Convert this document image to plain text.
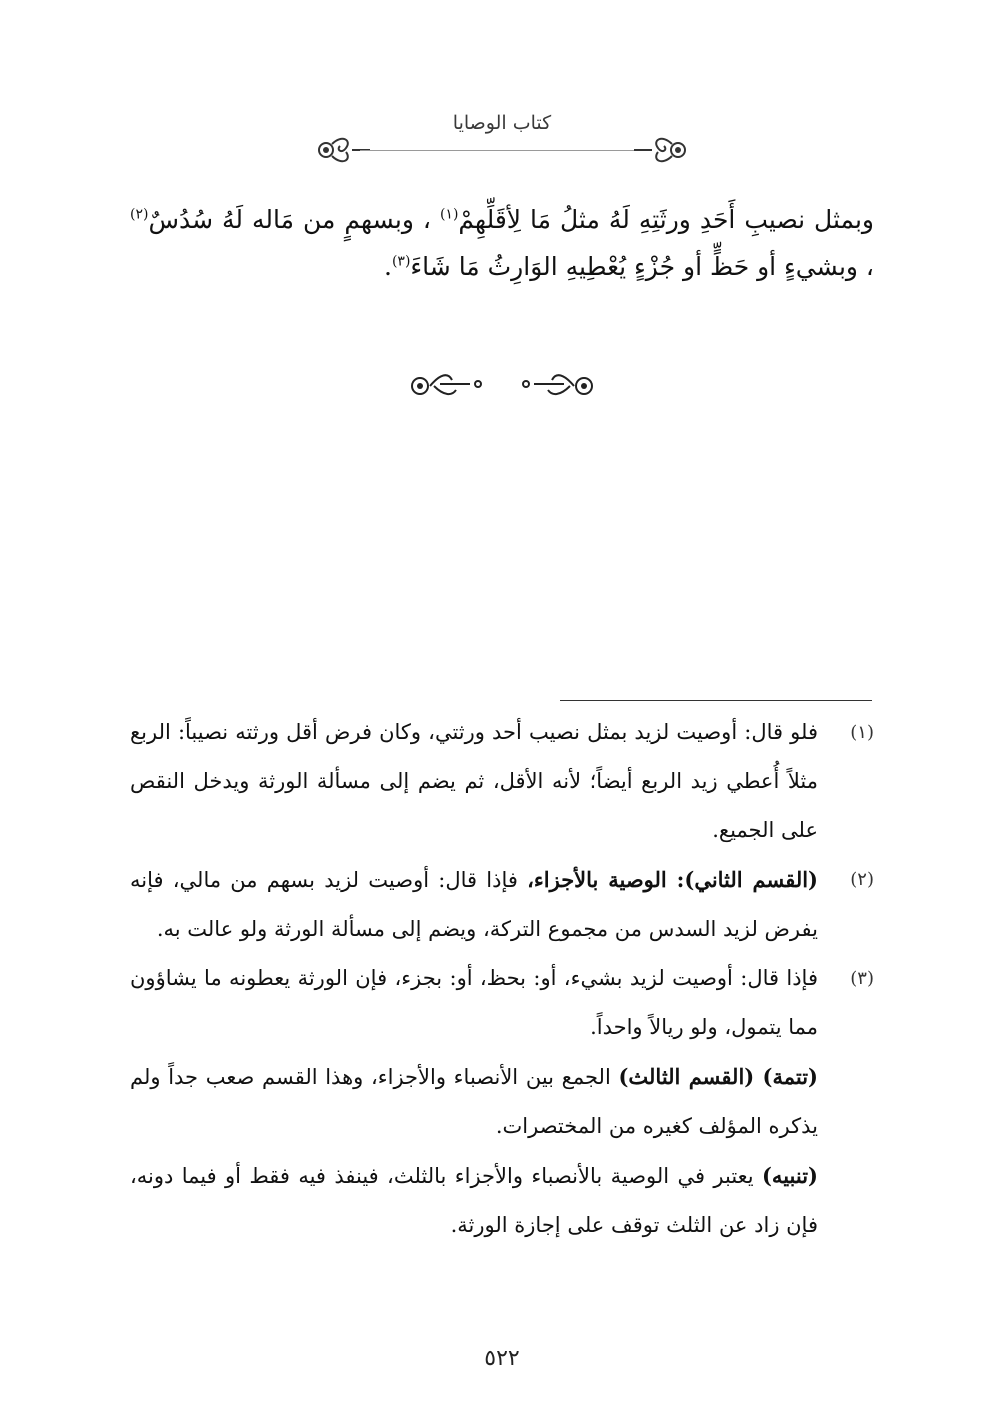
كتاب الوصايا

وبمثل نصيبِ أَحَدِ ورثَتِهِ لَهُ مثلُ مَا لِأقَلِّهِمْ$^{(١)}$ ، وبسهمٍ من مَاله لَهُ سُدُسٌ$^{(٢)}$ ، وبشيءٍ أو حَظٍّ أو جُزْءٍ يُعْطِيهِ الوَارِثُ مَا شَاءَ$^{(٣)}$.

(١)

فلو قال: أوصيت لزيد بمثل نصيب أحد ورثتي، وكان فرض أقل ورثته نصيباً: الربع مثلاً أُعطي زيد الربع أيضاً؛ لأنه الأقل، ثم يضم إلى مسألة الورثة ويدخل النقص على الجميع.

(٢)

(القسم الثاني): الوصية بالأجزاء، فإذا قال: أوصيت لزيد بسهم من مالي، فإنه يفرض لزيد السدس من مجموع التركة، ويضم إلى مسألة الورثة ولو عالت به.

(٣)

فإذا قال: أوصيت لزيد بشيء، أو: بحظ، أو: بجزء، فإن الورثة يعطونه ما يشاؤون مما يتمول، ولو ريالاً واحداً.

(تتمة) (القسم الثالث) الجمع بين الأنصباء والأجزاء، وهذا القسم صعب جداً ولم يذكره المؤلف كغيره من المختصرات.

(تنبيه) يعتبر في الوصية بالأنصباء والأجزاء بالثلث، فينفذ فيه فقط أو فيما دونه، فإن زاد عن الثلث توقف على إجازة الورثة.

٥٢٢
